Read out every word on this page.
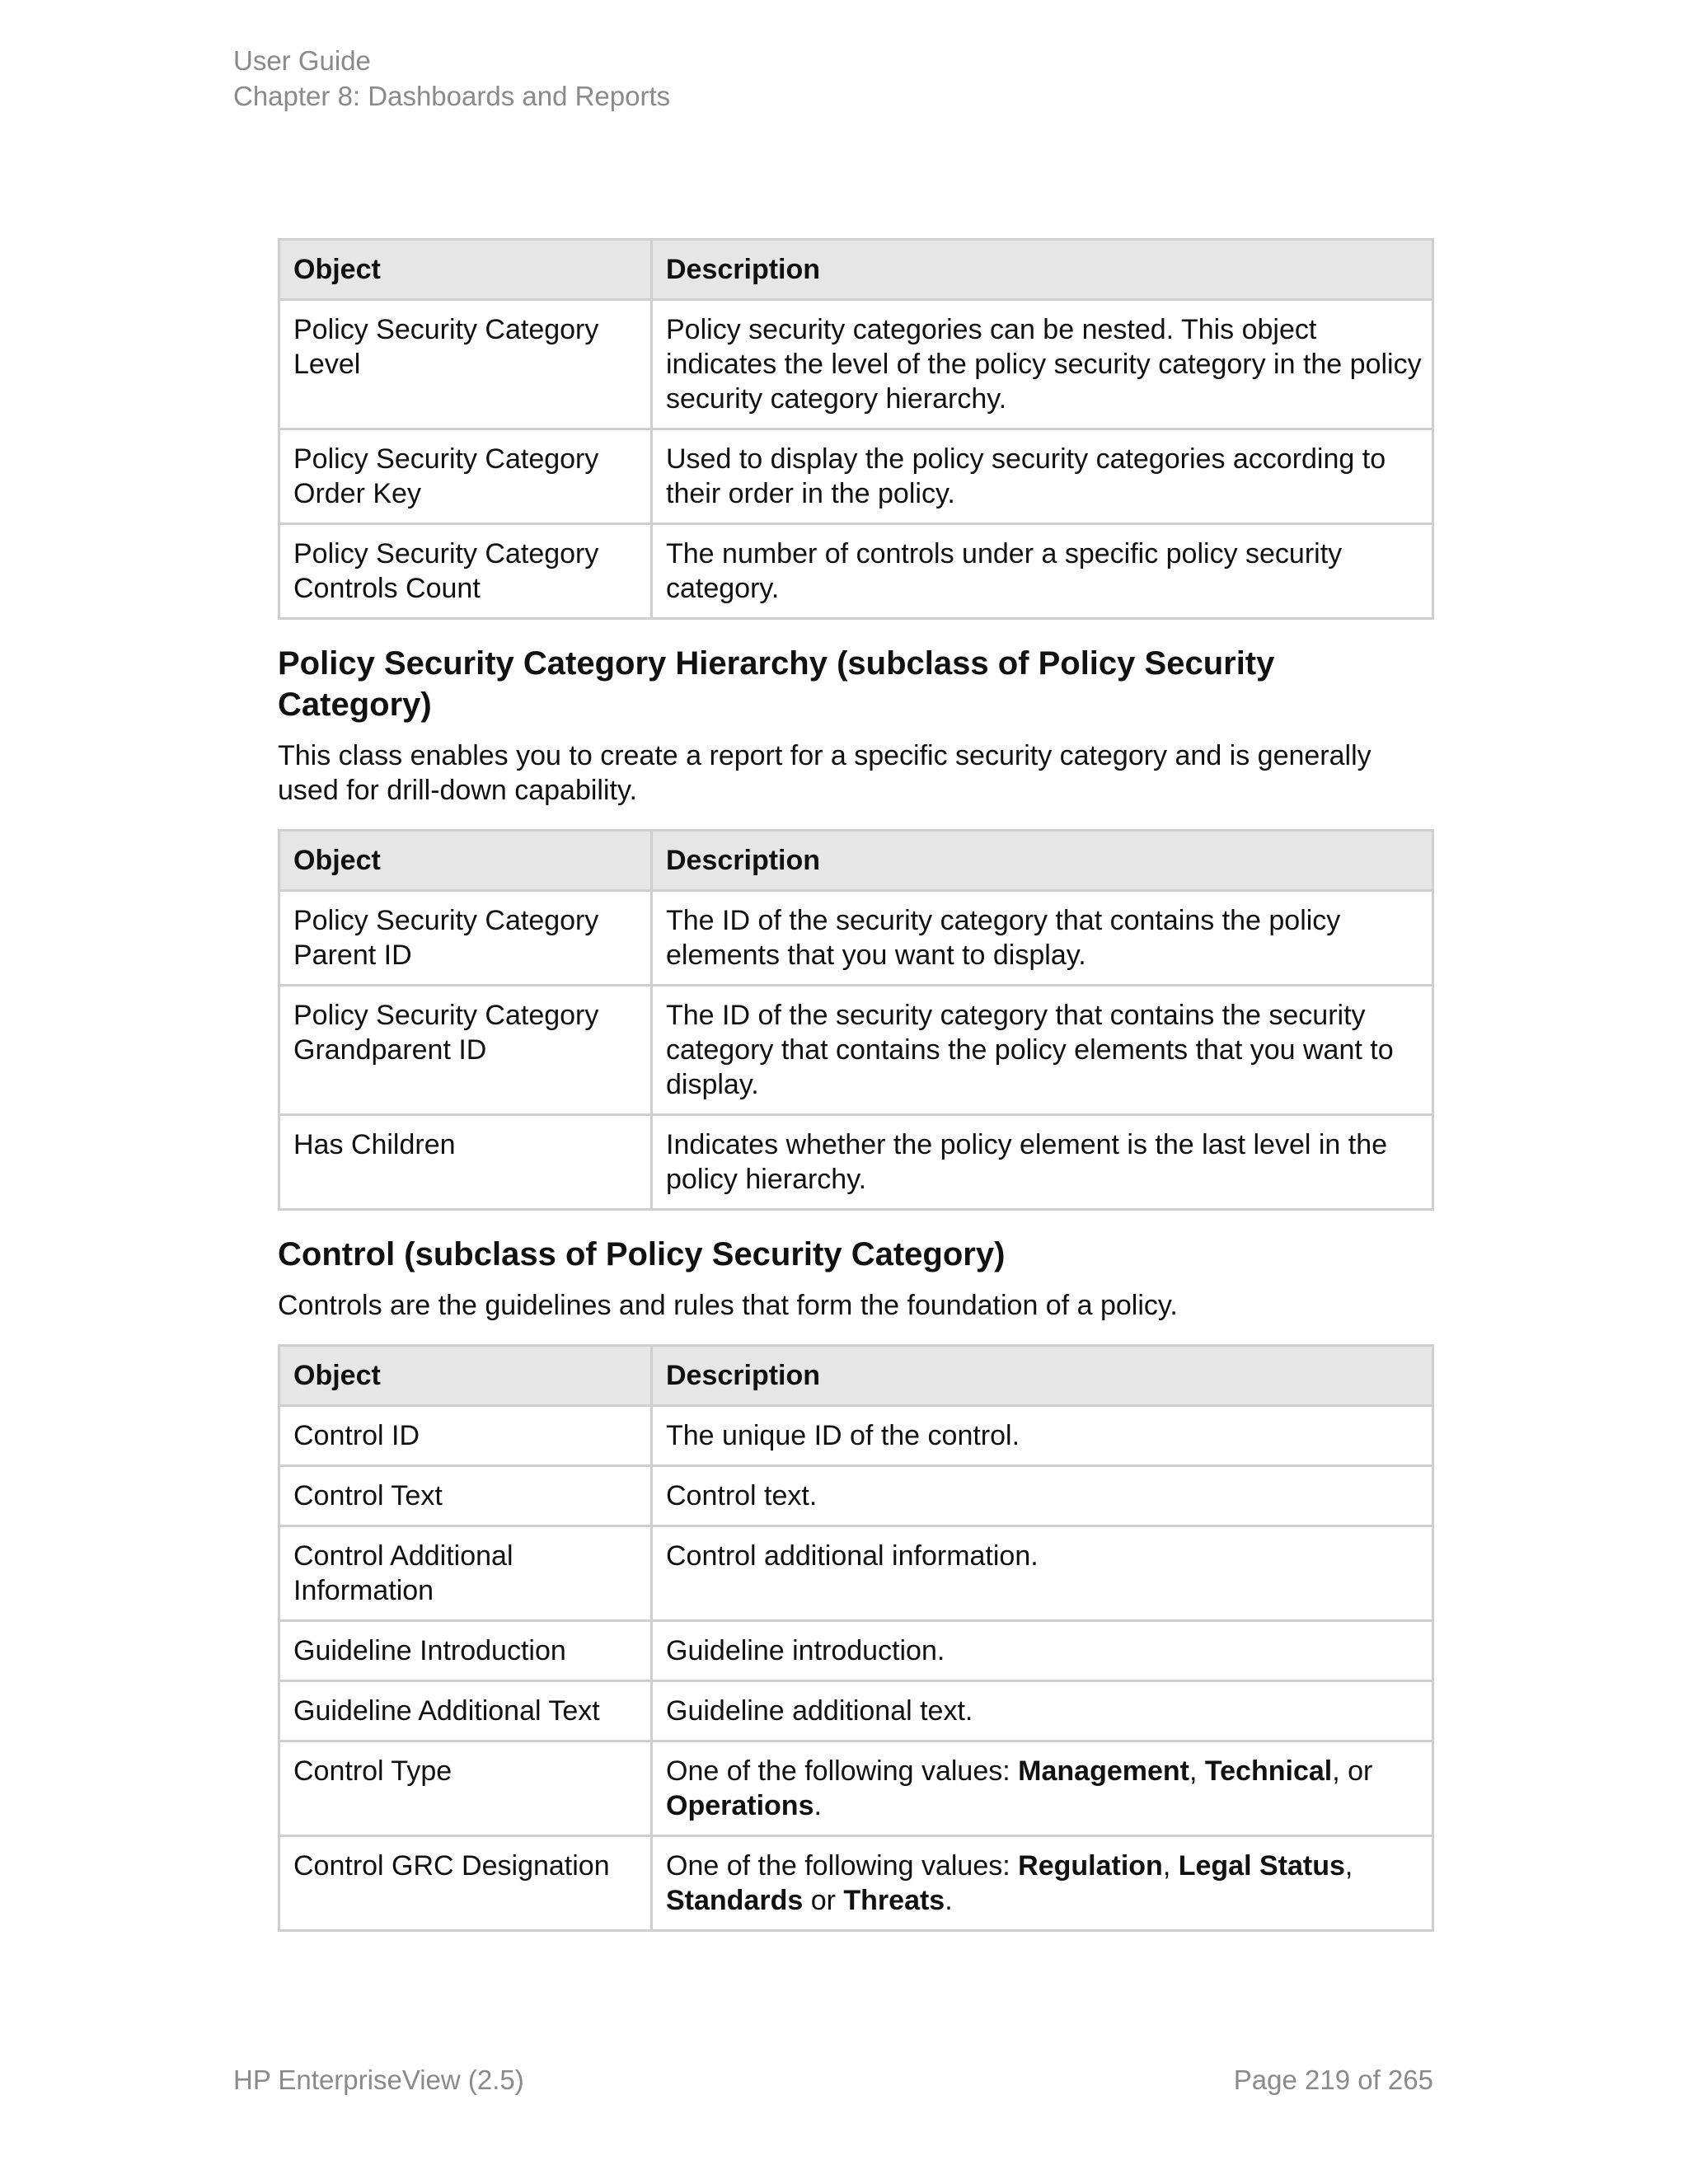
User Guide
Chapter 8: Dashboards and Reports
Object	Description
Policy Security Category Level	Policy security categories can be nested. This object indicates the level of the policy security category in the policy security category hierarchy.
Policy Security Category Order Key	Used to display the policy security categories according to their order in the policy.
Policy Security Category Controls Count	The number of controls under a specific policy security category.
Policy Security Category Hierarchy (subclass of Policy Security Category)

This class enables you to create a report for a specific security category and is generally used for drill-down capability.

Object	Description
Policy Security Category Parent ID	The ID of the security category that contains the policy elements that you want to display.
Policy Security Category Grandparent ID	The ID of the security category that contains the security category that contains the policy elements that you want to display.
Has Children	Indicates whether the policy element is the last level in the policy hierarchy.
Control (subclass of Policy Security Category)

Controls are the guidelines and rules that form the foundation of a policy.

Object	Description
Control ID	The unique ID of the control.
Control Text	Control text.
Control Additional Information	Control additional information.
Guideline Introduction	Guideline introduction.
Guideline Additional Text	Guideline additional text.
Control Type	One of the following values: Management, Technical, or Operations.
Control GRC Designation	One of the following values: Regulation, Legal Status, Standards or Threats.
HP EnterpriseView (2.5)	Page 219 of 265
